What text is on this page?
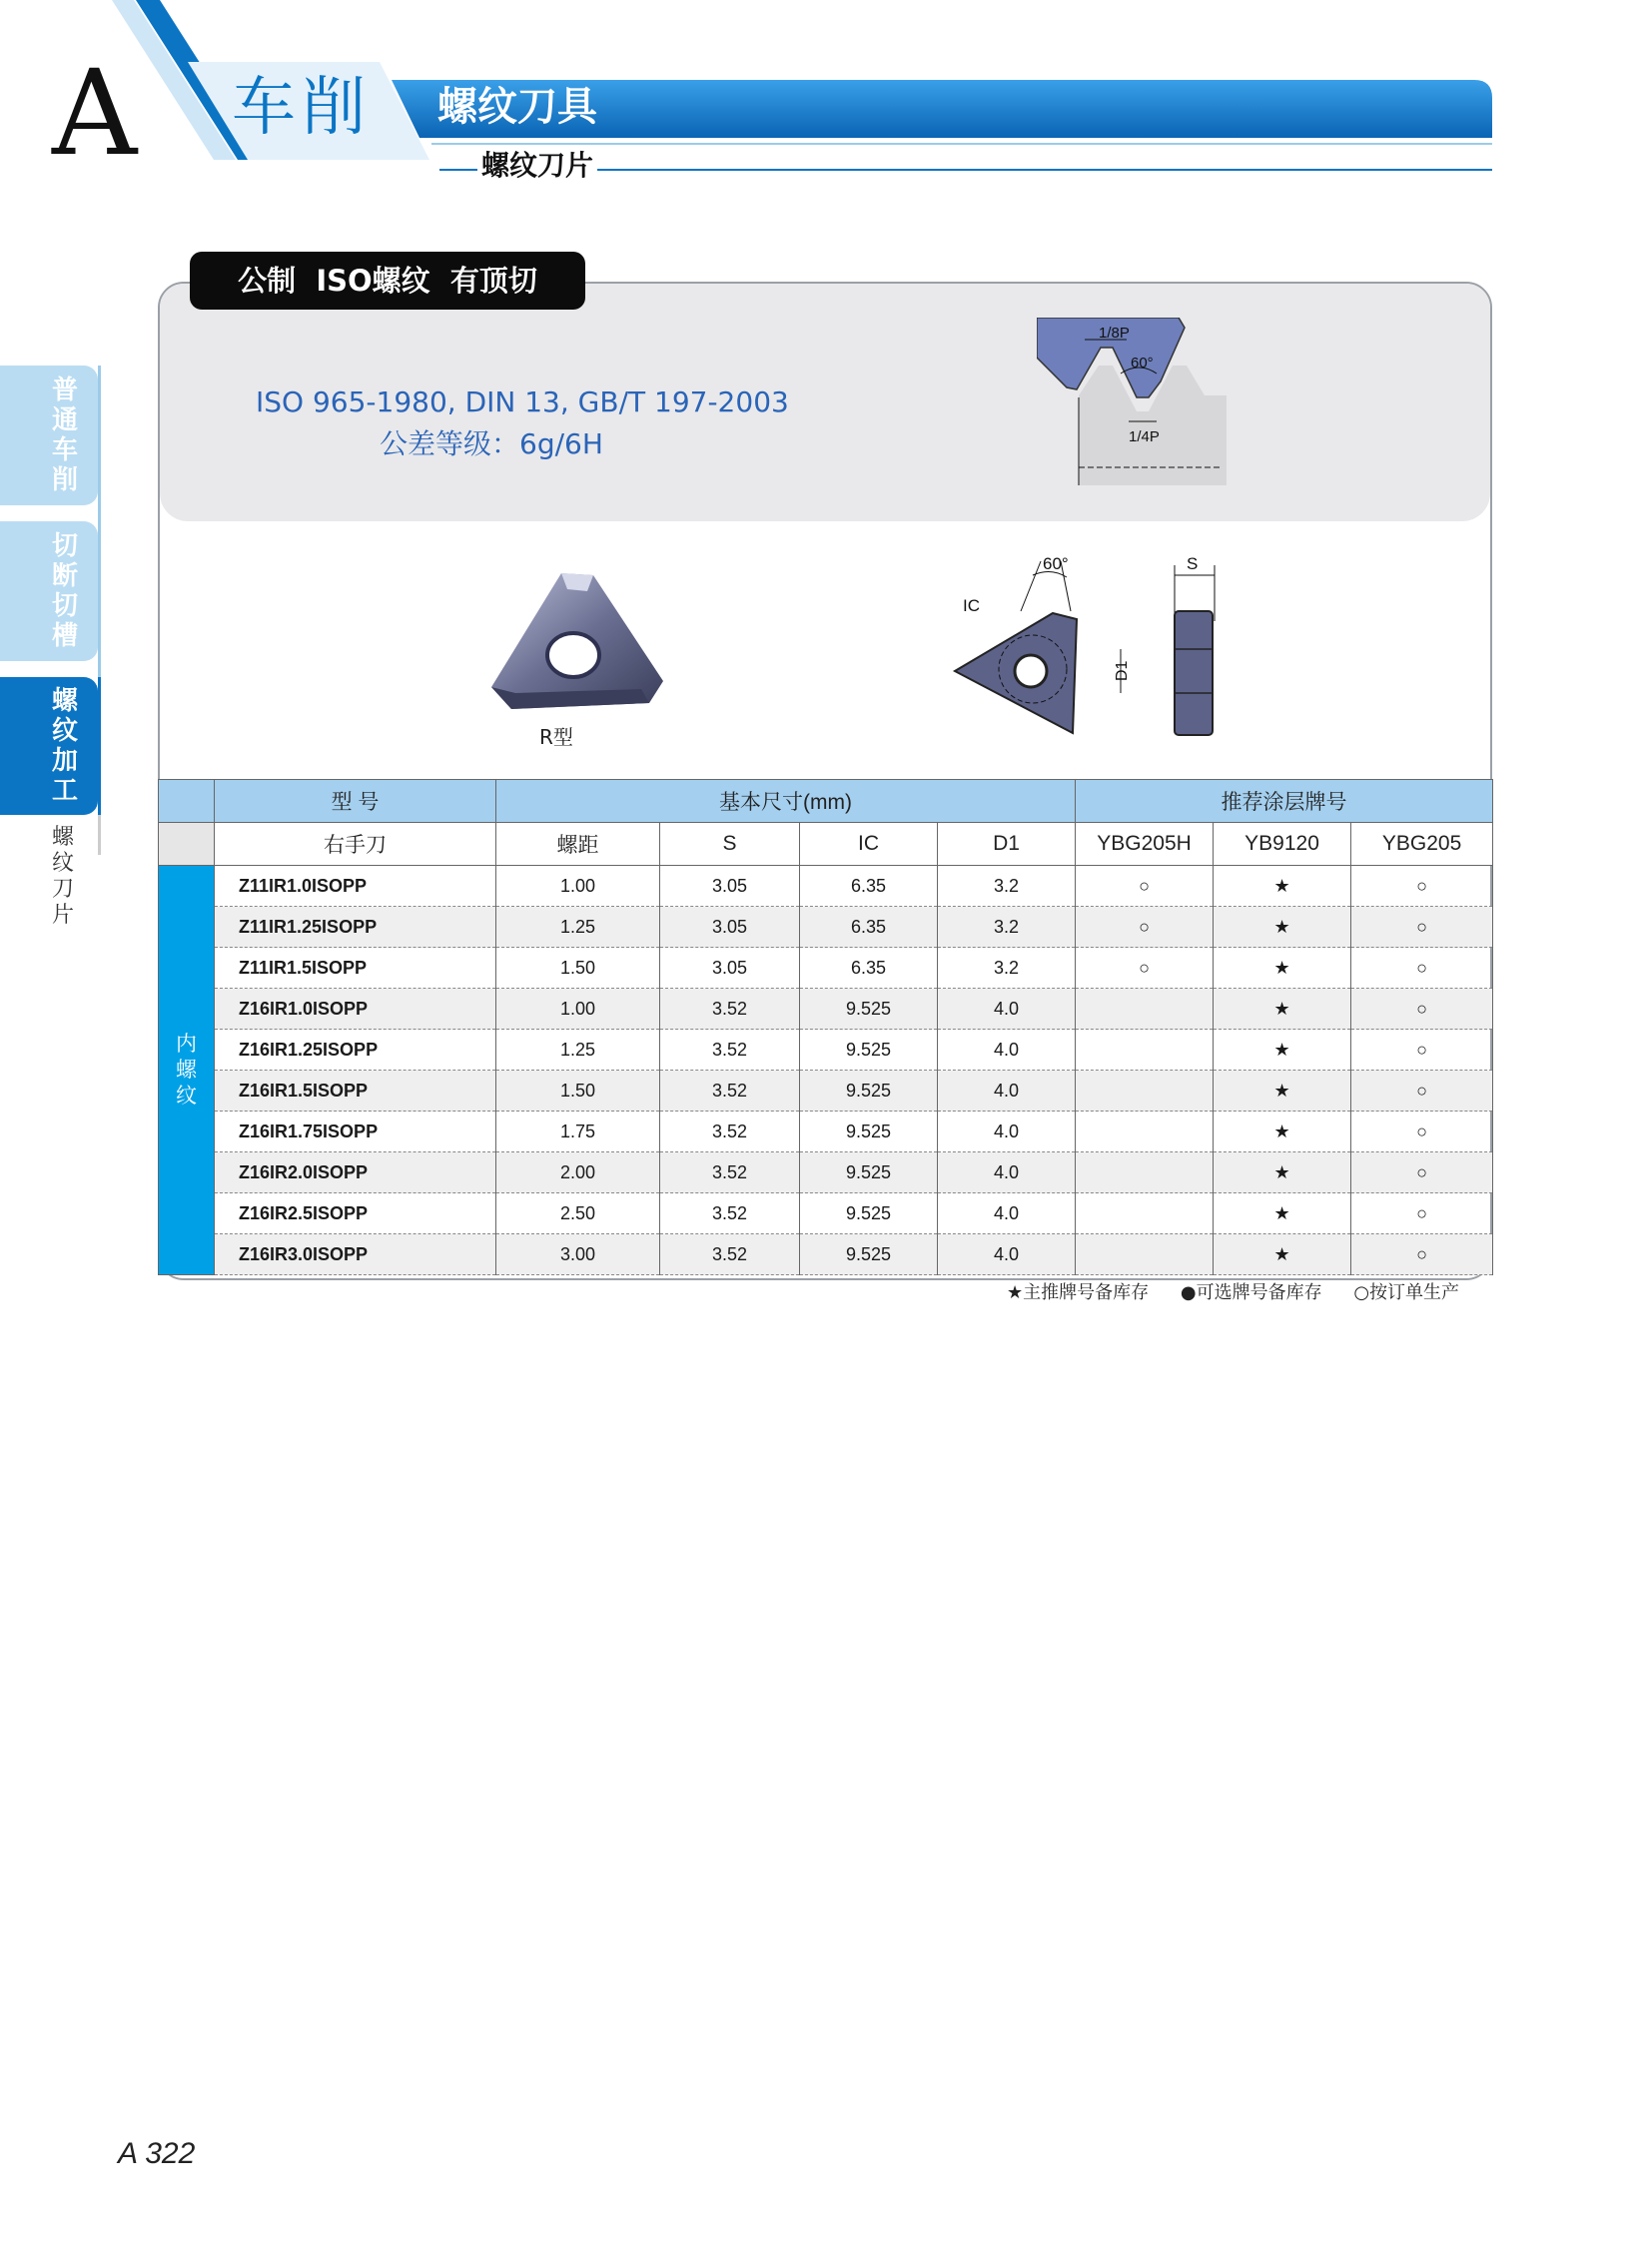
A 车削 螺纹刀具
螺纹刀片
普通车削
切断切槽
螺纹加工
螺纹刀片
公制  ISO螺纹  有顶切
ISO 965-1980, DIN 13, GB/T 197-2003
公差等级：6g/6H
1/8P
60°
1/4P
R型
60°
IC
S
D1
	型 号	基本尺寸(mm)				推荐涂层牌号		
	右手刀	螺距	S	IC	D1	YBG205H	YB9120	YBG205
内螺纹	Z11IR1.0ISOPP	1.00	3.05	6.35	3.2	○	★	○
	Z11IR1.25ISOPP	1.25	3.05	6.35	3.2	○	★	○
	Z11IR1.5ISOPP	1.50	3.05	6.35	3.2	○	★	○
	Z16IR1.0ISOPP	1.00	3.52	9.525	4.0		★	○
	Z16IR1.25ISOPP	1.25	3.52	9.525	4.0		★	○
	Z16IR1.5ISOPP	1.50	3.52	9.525	4.0		★	○
	Z16IR1.75ISOPP	1.75	3.52	9.525	4.0		★	○
	Z16IR2.0ISOPP	2.00	3.52	9.525	4.0		★	○
	Z16IR2.5ISOPP	2.50	3.52	9.525	4.0		★	○
	Z16IR3.0ISOPP	3.00	3.52	9.525	4.0		★	○
★主推牌号备库存 ●可选牌号备库存 ○按订单生产
A 322
